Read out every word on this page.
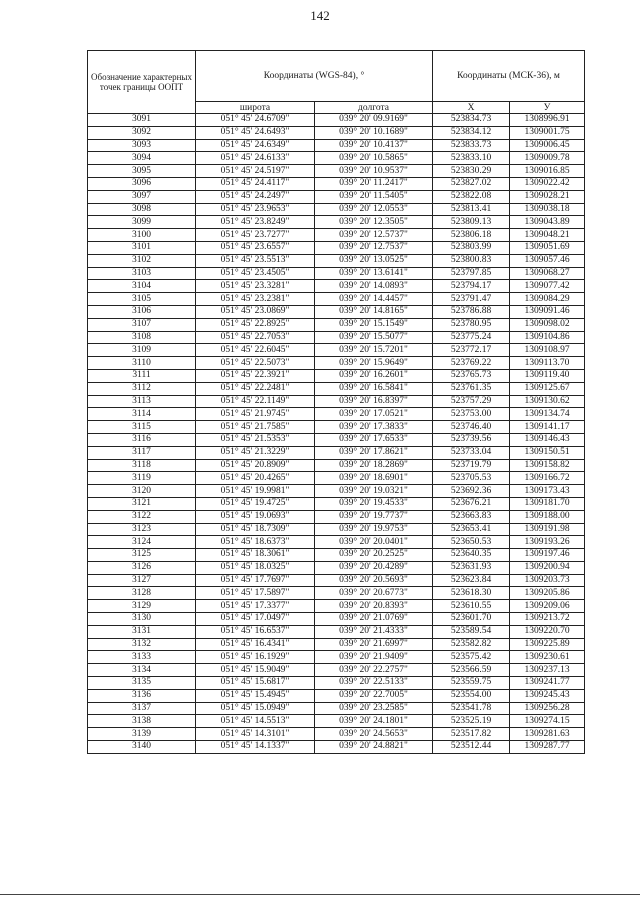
142
Обозначение характерных точек границы ООПТ	Координаты (WGS-84), °		Координаты (МСК-36), м	
	широта	долгота	X	У
3091	051° 45' 24.6709"	039° 20' 09.9169"	523834.73	1308996.91
3092	051° 45' 24.6493"	039° 20' 10.1689"	523834.12	1309001.75
3093	051° 45' 24.6349"	039° 20' 10.4137"	523833.73	1309006.45
3094	051° 45' 24.6133"	039° 20' 10.5865"	523833.10	1309009.78
3095	051° 45' 24.5197"	039° 20' 10.9537"	523830.29	1309016.85
3096	051° 45' 24.4117"	039° 20' 11.2417"	523827.02	1309022.42
3097	051° 45' 24.2497"	039° 20' 11.5405"	523822.08	1309028.21
3098	051° 45' 23.9653"	039° 20' 12.0553"	523813.41	1309038.18
3099	051° 45' 23.8249"	039° 20' 12.3505"	523809.13	1309043.89
3100	051° 45' 23.7277"	039° 20' 12.5737"	523806.18	1309048.21
3101	051° 45' 23.6557"	039° 20' 12.7537"	523803.99	1309051.69
3102	051° 45' 23.5513"	039° 20' 13.0525"	523800.83	1309057.46
3103	051° 45' 23.4505"	039° 20' 13.6141"	523797.85	1309068.27
3104	051° 45' 23.3281"	039° 20' 14.0893"	523794.17	1309077.42
3105	051° 45' 23.2381"	039° 20' 14.4457"	523791.47	1309084.29
3106	051° 45' 23.0869"	039° 20' 14.8165"	523786.88	1309091.46
3107	051° 45' 22.8925"	039° 20' 15.1549"	523780.95	1309098.02
3108	051° 45' 22.7053"	039° 20' 15.5077"	523775.24	1309104.86
3109	051° 45' 22.6045"	039° 20' 15.7201"	523772.17	1309108.97
3110	051° 45' 22.5073"	039° 20' 15.9649"	523769.22	1309113.70
3111	051° 45' 22.3921"	039° 20' 16.2601"	523765.73	1309119.40
3112	051° 45' 22.2481"	039° 20' 16.5841"	523761.35	1309125.67
3113	051° 45' 22.1149"	039° 20' 16.8397"	523757.29	1309130.62
3114	051° 45' 21.9745"	039° 20' 17.0521"	523753.00	1309134.74
3115	051° 45' 21.7585"	039° 20' 17.3833"	523746.40	1309141.17
3116	051° 45' 21.5353"	039° 20' 17.6533"	523739.56	1309146.43
3117	051° 45' 21.3229"	039° 20' 17.8621"	523733.04	1309150.51
3118	051° 45' 20.8909"	039° 20' 18.2869"	523719.79	1309158.82
3119	051° 45' 20.4265"	039° 20' 18.6901"	523705.53	1309166.72
3120	051° 45' 19.9981"	039° 20' 19.0321"	523692.36	1309173.43
3121	051° 45' 19.4725"	039° 20' 19.4533"	523676.21	1309181.70
3122	051° 45' 19.0693"	039° 20' 19.7737"	523663.83	1309188.00
3123	051° 45' 18.7309"	039° 20' 19.9753"	523653.41	1309191.98
3124	051° 45' 18.6373"	039° 20' 20.0401"	523650.53	1309193.26
3125	051° 45' 18.3061"	039° 20' 20.2525"	523640.35	1309197.46
3126	051° 45' 18.0325"	039° 20' 20.4289"	523631.93	1309200.94
3127	051° 45' 17.7697"	039° 20' 20.5693"	523623.84	1309203.73
3128	051° 45' 17.5897"	039° 20' 20.6773"	523618.30	1309205.86
3129	051° 45' 17.3377"	039° 20' 20.8393"	523610.55	1309209.06
3130	051° 45' 17.0497"	039° 20' 21.0769"	523601.70	1309213.72
3131	051° 45' 16.6537"	039° 20' 21.4333"	523589.54	1309220.70
3132	051° 45' 16.4341"	039° 20' 21.6997"	523582.82	1309225.89
3133	051° 45' 16.1929"	039° 20' 21.9409"	523575.42	1309230.61
3134	051° 45' 15.9049"	039° 20' 22.2757"	523566.59	1309237.13
3135	051° 45' 15.6817"	039° 20' 22.5133"	523559.75	1309241.77
3136	051° 45' 15.4945"	039° 20' 22.7005"	523554.00	1309245.43
3137	051° 45' 15.0949"	039° 20' 23.2585"	523541.78	1309256.28
3138	051° 45' 14.5513"	039° 20' 24.1801"	523525.19	1309274.15
3139	051° 45' 14.3101"	039° 20' 24.5653"	523517.82	1309281.63
3140	051° 45' 14.1337"	039° 20' 24.8821"	523512.44	1309287.77
